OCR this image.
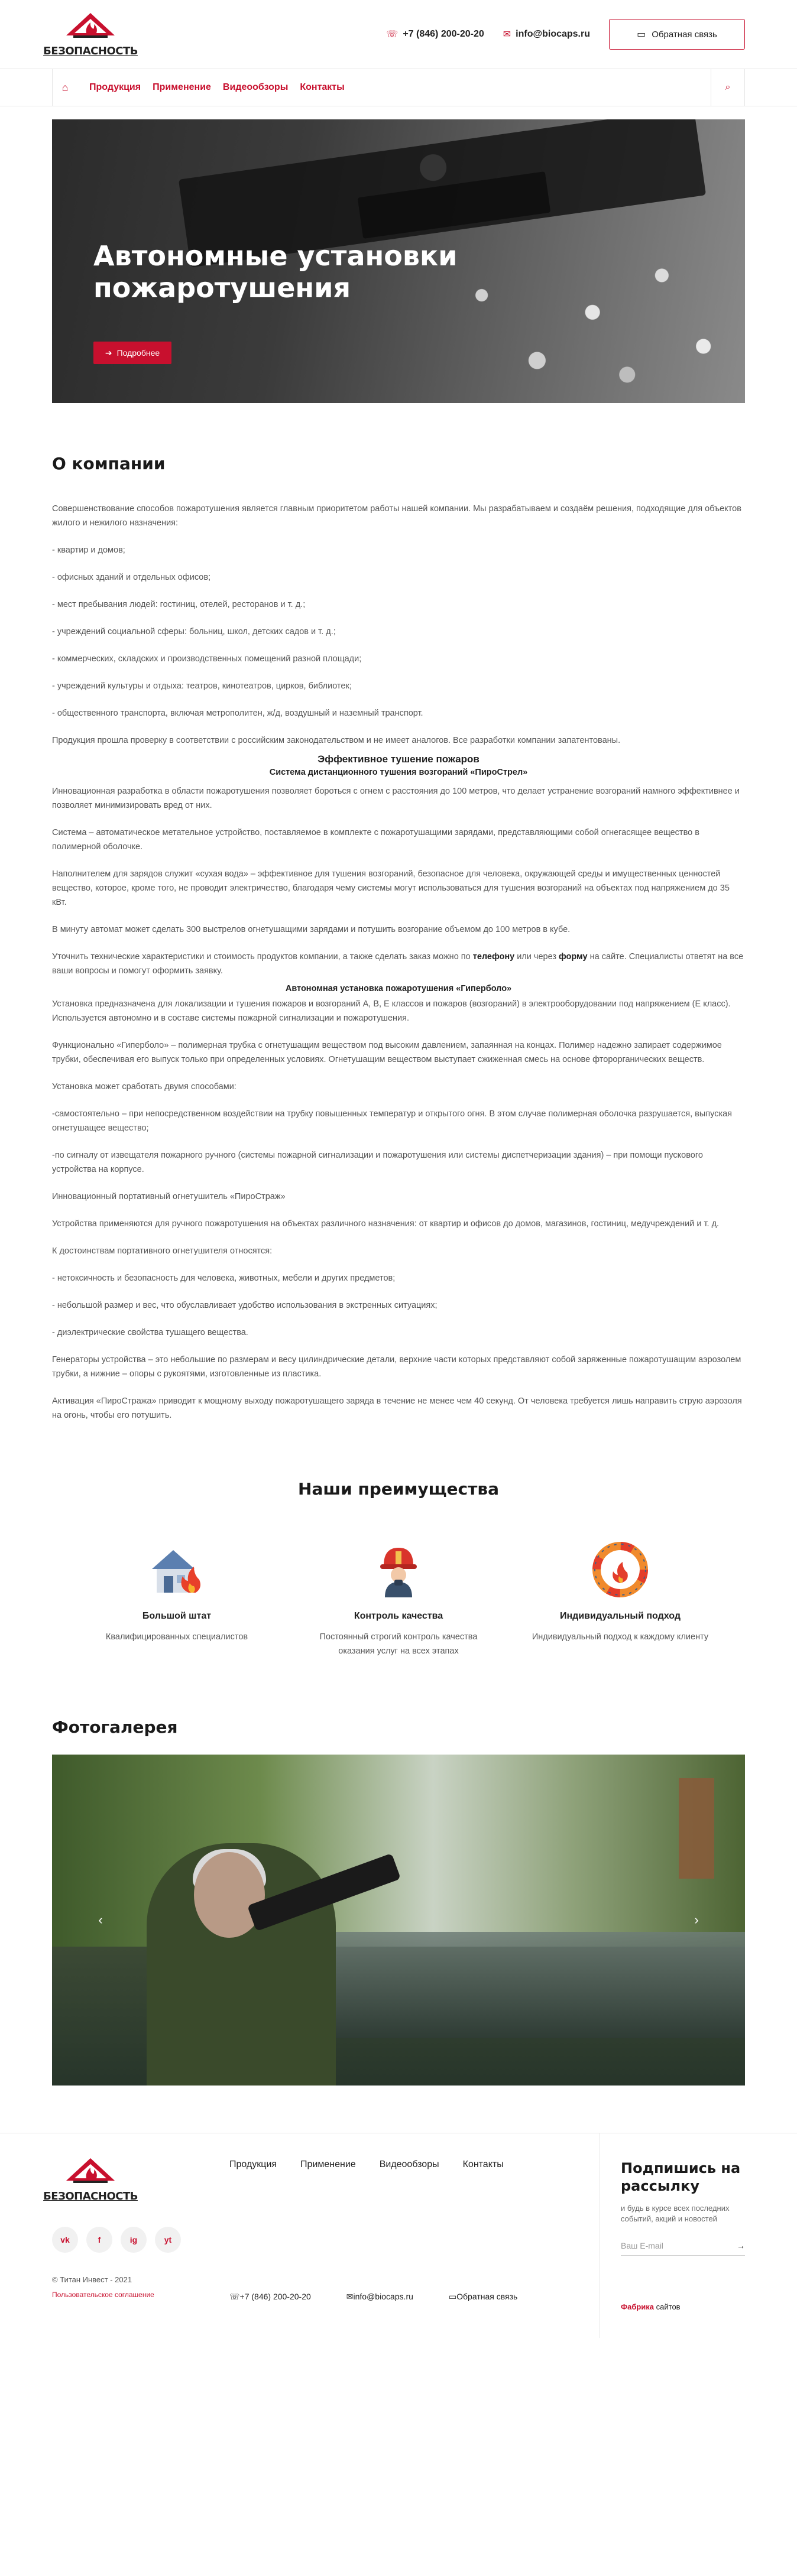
БЕЗОПАСНОСТЬ
☏ +7 (846) 200-20-20 ✉ info@biocaps.ru	▭ Обратная связь
⌂	Продукция Применение Видеообзоры Контакты	⌕
Автономные установки пожаротушения
➔ Подробнее
О компании

Совершенствование способов пожаротушения является главным приоритетом работы нашей компании. Мы разрабатываем и создаём решения, подходящие для объектов жилого и нежилого назначения:

- квартир и домов;

- офисных зданий и отдельных офисов;

- мест пребывания людей: гостиниц, отелей, ресторанов и т. д.;

- учреждений социальной сферы: больниц, школ, детских садов и т. д.;

- коммерческих, складских и производственных помещений разной площади;

- учреждений культуры и отдыха: театров, кинотеатров, цирков, библиотек;

- общественного транспорта, включая метрополитен, ж/д, воздушный и наземный транспорт.

Продукция прошла проверку в соответствии с российским законодательством и не имеет аналогов. Все разработки компании запатентованы.

Эффективное тушение пожаров
Система дистанционного тушения возгораний «ПироСтрел»

Инновационная разработка в области пожаротушения позволяет бороться с огнем с расстояния до 100 метров, что делает устранение возгораний намного эффективнее и позволяет минимизировать вред от них.

Система – автоматическое метательное устройство, поставляемое в комплекте с пожаротушащими зарядами, представляющими собой огнегасящее вещество в полимерной оболочке.

Наполнителем для зарядов служит «сухая вода» – эффективное для тушения возгораний, безопасное для человека, окружающей среды и имущественных ценностей вещество, которое, кроме того, не проводит электричество, благодаря чему системы могут использоваться для тушения возгораний на объектах под напряжением до 35 кВт.

В минуту автомат может сделать 300 выстрелов огнетушащими зарядами и потушить возгорание объемом до 100 метров в кубе.

Уточнить технические характеристики и стоимость продуктов компании, а также сделать заказ можно по телефону или через форму на сайте. Специалисты ответят на все ваши вопросы и помогут оформить заявку.

Автономная установка пожаротушения «Гиперболо»

Установка предназначена для локализации и тушения пожаров и возгораний A, B, E классов и пожаров (возгораний) в электрооборудовании под напряжением (E класс). Используется автономно и в составе системы пожарной сигнализации и пожаротушения.

Функционально «Гиперболо» – полимерная трубка с огнетушащим веществом под высоким давлением, запаянная на концах. Полимер надежно запирает содержимое трубки, обеспечивая его выпуск только при определенных условиях. Огнетушащим веществом выступает сжиженная смесь на основе фторорганических веществ.

Установка может сработать двумя способами:

-самостоятельно – при непосредственном воздействии на трубку повышенных температур и открытого огня. В этом случае полимерная оболочка разрушается, выпуская огнетушащее вещество;

-по сигналу от извещателя пожарного ручного (системы пожарной сигнализации и пожаротушения или системы диспетчеризации здания) – при помощи пускового устройства на корпусе.

Инновационный портативный огнетушитель «ПироСтраж»

Устройства применяются для ручного пожаротушения на объектах различного назначения: от квартир и офисов до домов, магазинов, гостиниц, медучреждений и т. д.

К достоинствам портативного огнетушителя относятся:

- нетоксичность и безопасность для человека, животных, мебели и других предметов;

- небольшой размер и вес, что обуславливает удобство использования в экстренных ситуациях;

- диэлектрические свойства тушащего вещества.

Генераторы устройства – это небольшие по размерам и весу цилиндрические детали, верхние части которых представляют собой заряженные пожаротушащим аэрозолем трубки, а нижние – опоры с рукоятями, изготовленные из пластика.

Активация «ПироСтража» приводит к мощному выходу пожаротушащего заряда в течение не менее чем 40 секунд. От человека требуется лишь направить струю аэрозоля на огонь, чтобы его потушить.

Наши преимущества
Большой штат
Квалифицированных специалистов
Контроль качества
Постоянный строгий контроль качества оказания услуг на всех этапах
Индивидуальный подход
Индивидуальный подход к каждому клиенту
Фотогалерея
‹	›
БЕЗОПАСНОСТЬ
Продукция	Применение	Видеообзоры	Контакты
vk	f	ig	yt
© Титан Инвест - 2021
Пользовательское соглашение	☏+7 (846) 200-20-20	✉info@biocaps.ru	▭Обратная связь
Подпишись на рассылку

и будь в курсе всех последних событий, акций и новостей

Ваш E-mail	→
Фабрика сайтов
